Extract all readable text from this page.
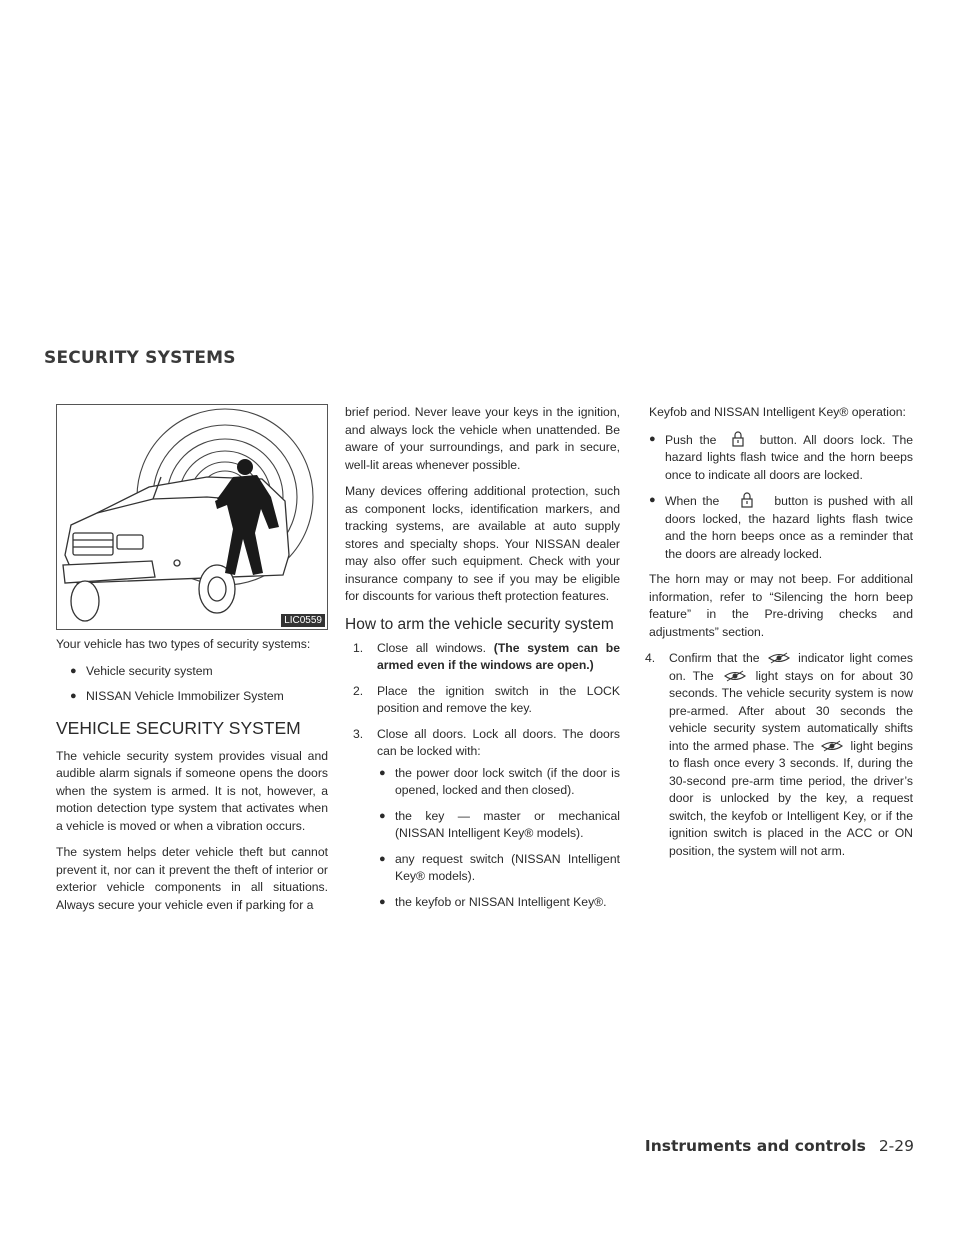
SECURITY SYSTEMS
LIC0559

Your vehicle has two types of security systems:

● Vehicle security system
● NISSAN Vehicle Immobilizer System
VEHICLE SECURITY SYSTEM

The vehicle security system provides visual and audible alarm signals if someone opens the doors when the system is armed. It is not, however, a motion detection type system that activates when a vehicle is moved or when a vibration occurs.

The system helps deter vehicle theft but cannot prevent it, nor can it prevent the theft of interior or exterior vehicle components in all situations. Always secure your vehicle even if parking for a

brief period. Never leave your keys in the ignition, and always lock the vehicle when unattended. Be aware of your surroundings, and park in secure, well-lit areas whenever possible.

Many devices offering additional protection, such as component locks, identification markers, and tracking systems, are available at auto supply stores and specialty shops. Your NISSAN dealer may also offer such equipment. Check with your insurance company to see if you may be eligible for discounts for various theft protection features.

How to arm the vehicle security system
1.	Close all windows. (The system can be armed even if the windows are open.)
2.	Place the ignition switch in the LOCK position and remove the key.
3.	Close all doors. Lock all doors. The doors can be locked with:
● the power door lock switch (if the door is opened, locked and then closed).
● the key — master or mechanical (NISSAN Intelligent Key® models).
● any request switch (NISSAN Intelligent Key® models).
● the keyfob or NISSAN Intelligent Key®.

Keyfob and NISSAN Intelligent Key® operation:

● Push the	button. All doors lock. The hazard lights flash twice and the horn beeps once to indicate all doors are locked.
● When the	button is pushed with all doors locked, the hazard lights flash twice and the horn beeps once as a reminder that the doors are already locked.

The horn may or may not beep. For additional information, refer to “Silencing the horn beep feature” in the Pre-driving checks and adjustments” section.

4.	Confirm that the	indicator light comes on. The	light stays on for about 30 seconds. The vehicle security system is now pre-armed. After about 30 seconds the vehicle security system automatically shifts into the armed phase. The	light begins to flash once every 3 seconds. If, during the 30-second pre-arm time period, the driver’s door is unlocked by the key, a request switch, the keyfob or Intelligent Key, or if the ignition switch is placed in the ACC or ON position, the system will not arm.
Instruments and controls 2-29
